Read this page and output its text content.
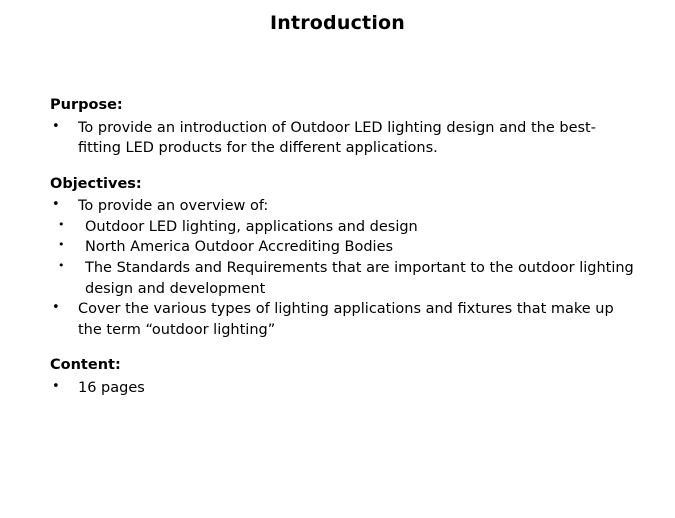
Introduction
Purpose:
• To provide an introduction of Outdoor LED lighting design and the best-fitting LED products for the different applications.
Objectives:
• To provide an overview of:
• Outdoor LED lighting, applications and design
• North America Outdoor Accrediting Bodies
• The Standards and Requirements that are important to the outdoor lighting design and development
• Cover the various types of lighting applications and fixtures that make up the term “outdoor lighting”
Content:
• 16 pages
